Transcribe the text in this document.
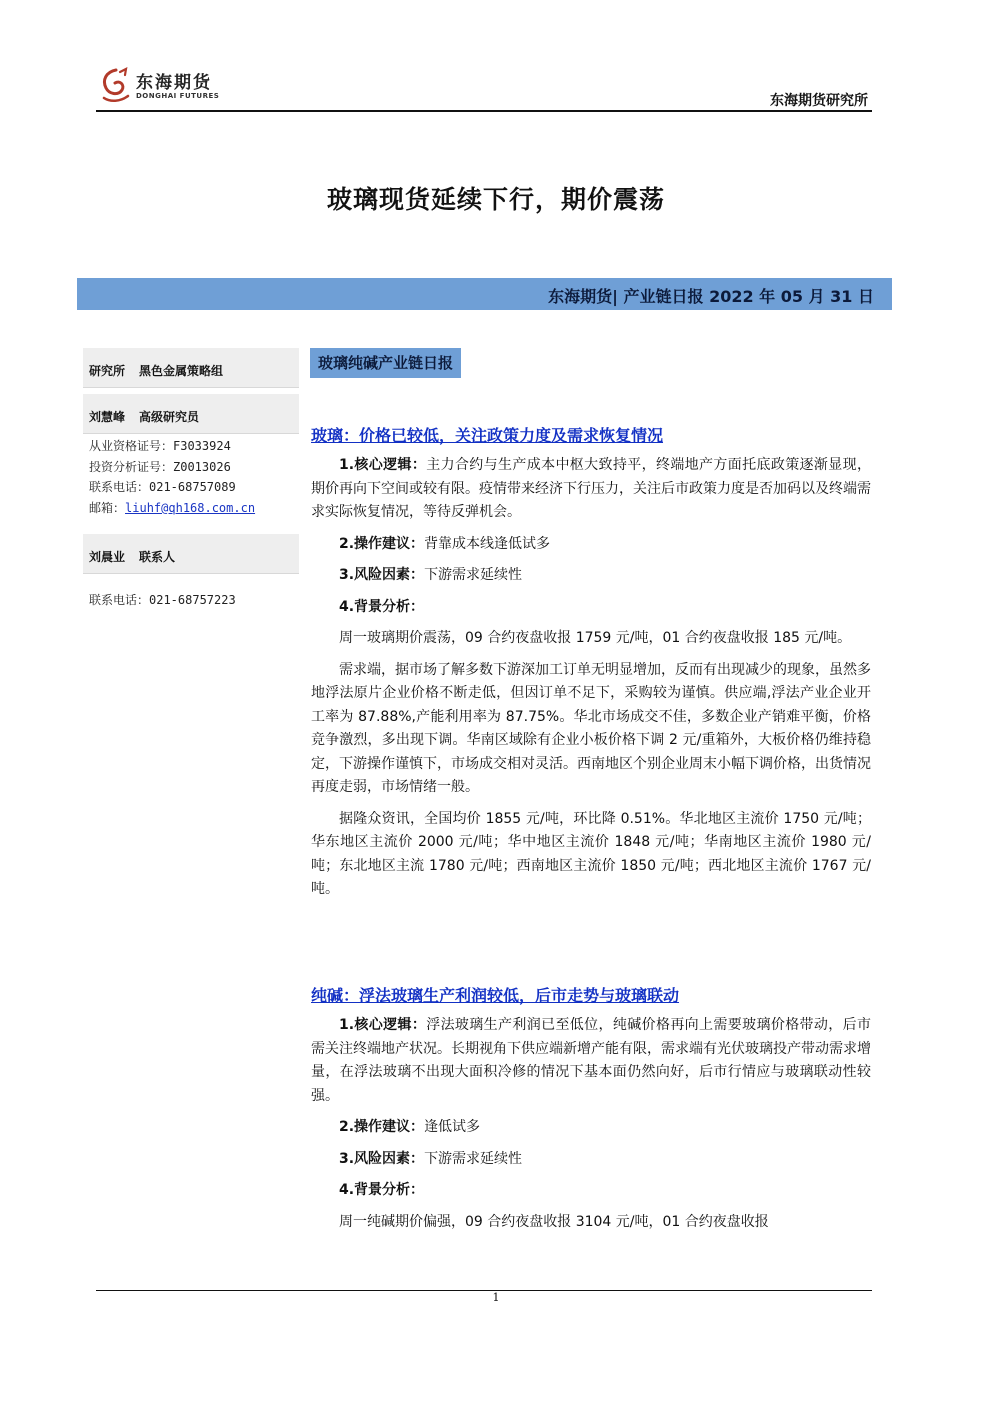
东海期货
DONGHAI FUTURES	东海期货研究所
玻璃现货延续下行，期价震荡
东海期货| 产业链日报 2022 年 05 月 31 日
研究所 黑色金属策略组
刘慧峰 高级研究员
从业资格证号：F3033924
投资分析证号：Z0013026
联系电话：021-68757089
邮箱：liuhf@qh168.com.cn
刘晨业 联系人
联系电话：021-68757223
玻璃纯碱产业链日报
玻璃：价格已较低，关注政策力度及需求恢复情况

1.核心逻辑：主力合约与生产成本中枢大致持平，终端地产方面托底政策逐渐显现，期价再向下空间或较有限。疫情带来经济下行压力，关注后市政策力度是否加码以及终端需求实际恢复情况，等待反弹机会。

2.操作建议：背靠成本线逢低试多

3.风险因素：下游需求延续性

4.背景分析：

周一玻璃期价震荡，09 合约夜盘收报 1759 元/吨，01 合约夜盘收报 185 元/吨。

需求端，据市场了解多数下游深加工订单无明显增加，反而有出现减少的现象，虽然多地浮法原片企业价格不断走低，但因订单不足下，采购较为谨慎。供应端,浮法产业企业开工率为 87.88%,产能利用率为 87.75%。华北市场成交不佳，多数企业产销难平衡，价格竞争激烈，多出现下调。华南区域除有企业小板价格下调 2 元/重箱外，大板价格仍维持稳定，下游操作谨慎下，市场成交相对灵活。西南地区个别企业周末小幅下调价格，出货情况再度走弱，市场情绪一般。

据隆众资讯，全国均价 1855 元/吨，环比降 0.51%。华北地区主流价 1750 元/吨；华东地区主流价 2000 元/吨；华中地区主流价 1848 元/吨；华南地区主流价 1980 元/吨；东北地区主流 1780 元/吨；西南地区主流价 1850 元/吨；西北地区主流价 1767 元/吨。

纯碱：浮法玻璃生产利润较低，后市走势与玻璃联动

1.核心逻辑：浮法玻璃生产利润已至低位，纯碱价格再向上需要玻璃价格带动，后市需关注终端地产状况。长期视角下供应端新增产能有限，需求端有光伏玻璃投产带动需求增量，在浮法玻璃不出现大面积冷修的情况下基本面仍然向好，后市行情应与玻璃联动性较强。

2.操作建议：逢低试多

3.风险因素：下游需求延续性

4.背景分析：

周一纯碱期价偏强，09 合约夜盘收报 3104 元/吨，01 合约夜盘收报

1
